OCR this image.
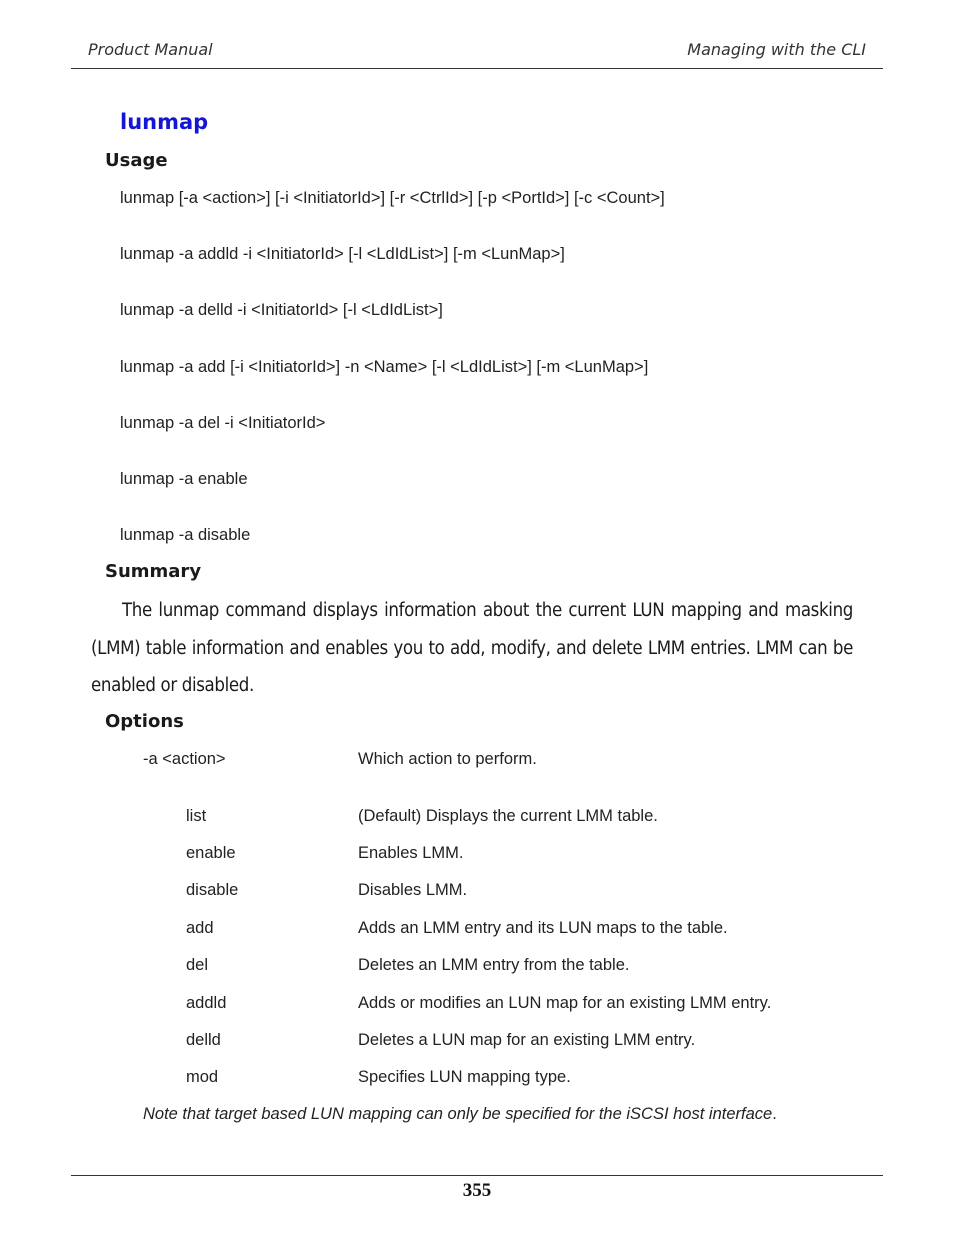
Product Manual	Managing with the CLI
lunmap
Usage
lunmap [-a <action>] [-i <InitiatorId>] [-r <CtrlId>] [-p <PortId>] [-c <Count>]
lunmap -a addld -i <InitiatorId> [-l <LdIdList>] [-m <LunMap>]
lunmap -a delld -i <InitiatorId> [-l <LdIdList>]
lunmap -a add [-i <InitiatorId>] -n <Name> [-l <LdIdList>] [-m <LunMap>]
lunmap -a del -i <InitiatorId>
lunmap -a enable
lunmap -a disable
Summary

The lunmap command displays information about the current LUN mapping and masking (LMM) table information and enables you to add, modify, and delete LMM entries. LMM can be enabled or disabled.

Options
-a <action>	Which action to perform.
list	(Default) Displays the current LMM table.
enable	Enables LMM.
disable	Disables LMM.
add	Adds an LMM entry and its LUN maps to the table.
del	Deletes an LMM entry from the table.
addld	Adds or modifies an LUN map for an existing LMM entry.
delld	Deletes a LUN map for an existing LMM entry.
mod	Specifies LUN mapping type.
Note that target based LUN mapping can only be specified for the iSCSI host interface.
355
